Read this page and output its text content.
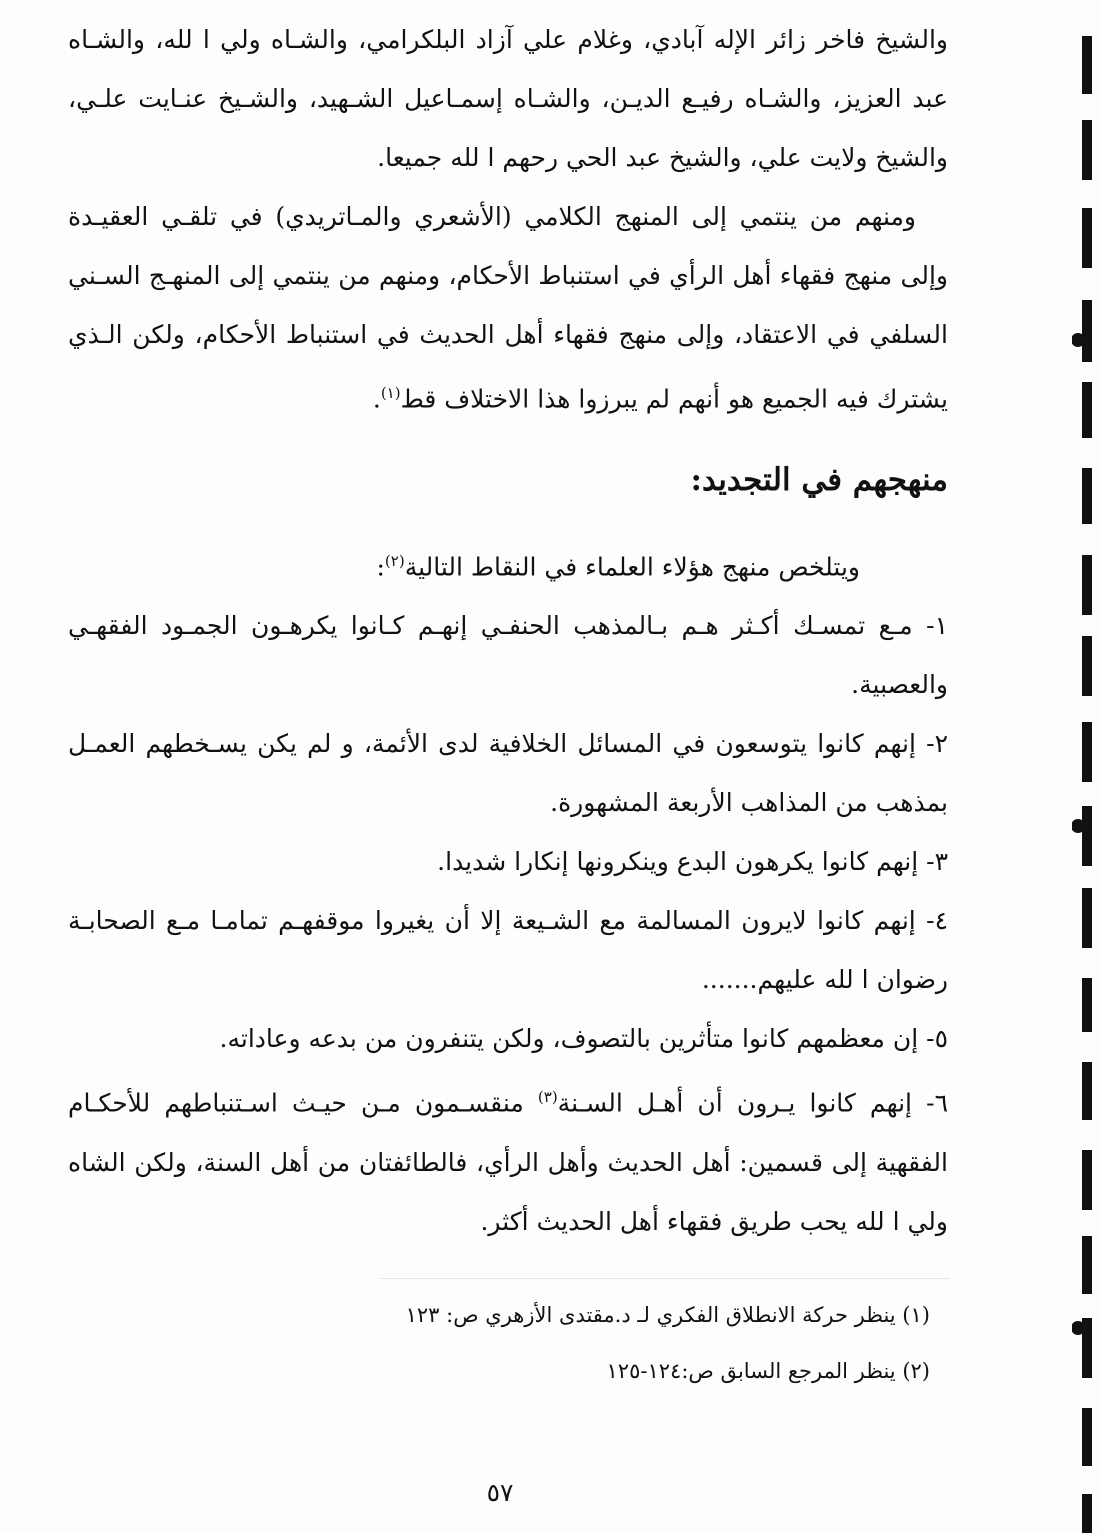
والشيخ فاخر زائر الإله آبادي، وغلام علي آزاد البلكرامي، والشـاه ولي ا لله، والشـاه عبد العزيز، والشـاه رفيـع الديـن، والشـاه إسمـاعيل الشـهيد، والشـيخ عنـايت علـي، والشيخ ولايت علي، والشيخ عبد الحي رحهم ا لله جميعا.

ومنهم من ينتمي إلى المنهج الكلامي (الأشعري والمـاتريدي) في تلقـي العقيـدة وإلى منهج فقهاء أهل الرأي في استنباط الأحكام، ومنهم من ينتمي إلى المنهـج السـني السلفي في الاعتقاد، وإلى منهج فقهاء أهل الحديث في استنباط الأحكام، ولكن الـذي يشترك فيه الجميع هو أنهم لم يبرزوا هذا الاختلاف قط$^{(١)}$.

منهجهم في التجديد:

ويتلخص منهج هؤلاء العلماء في النقاط التالية$^{(٢)}$:

١- مـع تمسـك أكـثر هـم بـالمذهب الحنفـي إنهـم كـانوا يكرهـون الجمـود الفقهـي والعصبية.

٢- إنهم كانوا يتوسعون في المسائل الخلافية لدى الأئمة، و لم يكن يسـخطهم العمـل بمذهب من المذاهب الأربعة المشهورة.

٣- إنهم كانوا يكرهون البدع وينكرونها إنكارا شديدا.

٤- إنهم كانوا لايرون المسالمة مع الشـيعة إلا أن يغيروا موقفهـم تمامـا مـع الصحابـة رضوان ا لله عليهم.......

٥- إن معظمهم كانوا متأثرين بالتصوف، ولكن يتنفرون من بدعه وعاداته.

٦- إنهم كانوا يـرون أن أهـل السـنة$^{(٣)}$ منقسـمون مـن حيـث اسـتنباطهم للأحكـام الفقهية إلى قسمين: أهل الحديث وأهل الرأي، فالطائفتان من أهل السنة، ولكن الشاه ولي ا لله يحب طريق فقهاء أهل الحديث أكثر.

(١) ينظر حركة الانطلاق الفكري لـ د.مقتدى الأزهري ص: ١٢٣
(٢) ينظر المرجع السابق ص:١٢٤-١٢٥
٥٧
